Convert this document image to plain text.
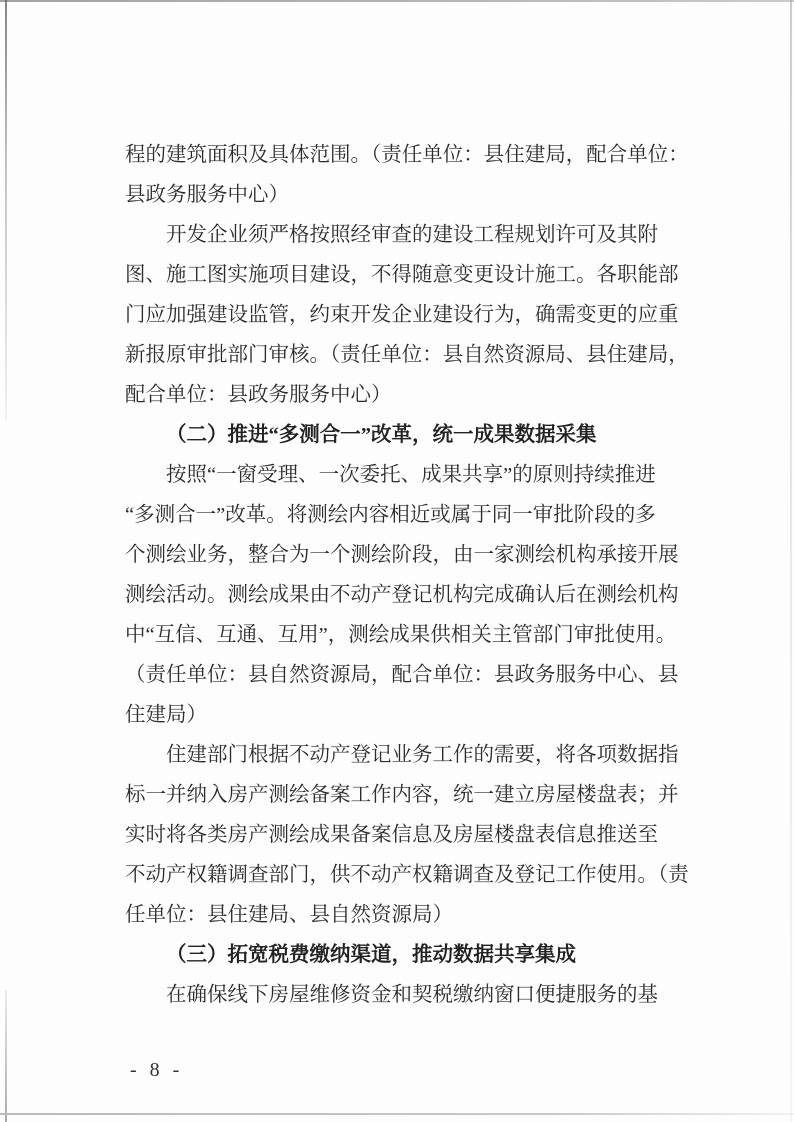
程的建筑面积及具体范围。（责任单位：县住建局，配合单位：
县政务服务中心）
开发企业须严格按照经审查的建设工程规划许可及其附
图、施工图实施项目建设，不得随意变更设计施工。各职能部
门应加强建设监管，约束开发企业建设行为，确需变更的应重
新报原审批部门审核。（责任单位：县自然资源局、县住建局，
配合单位：县政务服务中心）
（二）推进“多测合一”改革，统一成果数据采集
按照“一窗受理、一次委托、成果共享”的原则持续推进
“多测合一”改革。将测绘内容相近或属于同一审批阶段的多
个测绘业务，整合为一个测绘阶段，由一家测绘机构承接开展
测绘活动。测绘成果由不动产登记机构完成确认后在测绘机构
中“互信、互通、互用”，测绘成果供相关主管部门审批使用。
（责任单位：县自然资源局，配合单位：县政务服务中心、县
住建局）
住建部门根据不动产登记业务工作的需要，将各项数据指
标一并纳入房产测绘备案工作内容，统一建立房屋楼盘表；并
实时将各类房产测绘成果备案信息及房屋楼盘表信息推送至
不动产权籍调查部门，供不动产权籍调查及登记工作使用。（责
任单位：县住建局、县自然资源局）
（三）拓宽税费缴纳渠道，推动数据共享集成
在确保线下房屋维修资金和契税缴纳窗口便捷服务的基
- 8 -
